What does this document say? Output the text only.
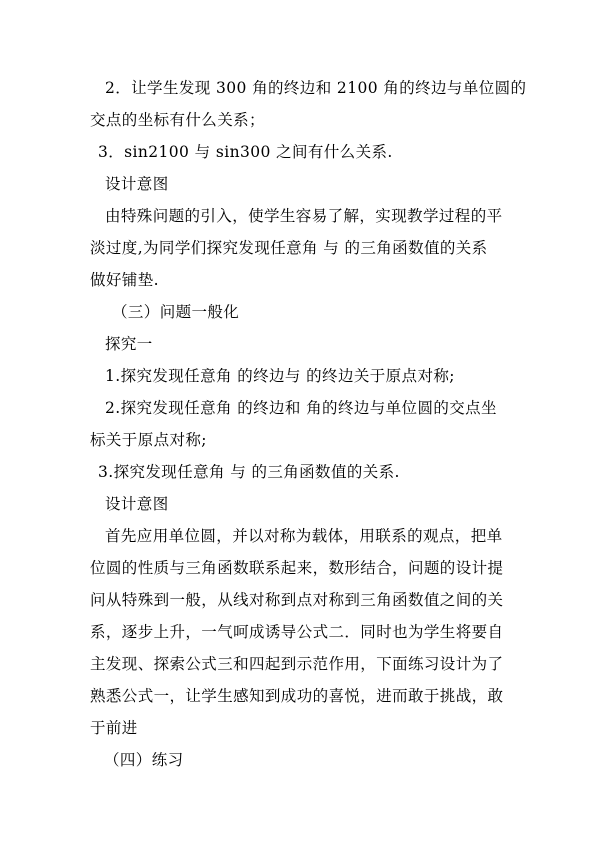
2．让学生发现 300 角的终边和 2100 角的终边与单位圆的
交点的坐标有什么关系；
3．sin2100 与 sin300 之间有什么关系.
设计意图
由特殊问题的引入，使学生容易了解，实现教学过程的平
淡过度,为同学们探究发现任意角 与 的三角函数值的关系
做好铺垫.
（三）问题一般化
探究一
1.探究发现任意角 的终边与 的终边关于原点对称;
2.探究发现任意角 的终边和 角的终边与单位圆的交点坐
标关于原点对称;
3.探究发现任意角 与 的三角函数值的关系.
设计意图
首先应用单位圆，并以对称为载体，用联系的观点，把单
位圆的性质与三角函数联系起来，数形结合，问题的设计提
问从特殊到一般，从线对称到点对称到三角函数值之间的关
系，逐步上升，一气呵成诱导公式二．同时也为学生将要自
主发现、探索公式三和四起到示范作用，下面练习设计为了
熟悉公式一，让学生感知到成功的喜悦，进而敢于挑战，敢
于前进
（四）练习
